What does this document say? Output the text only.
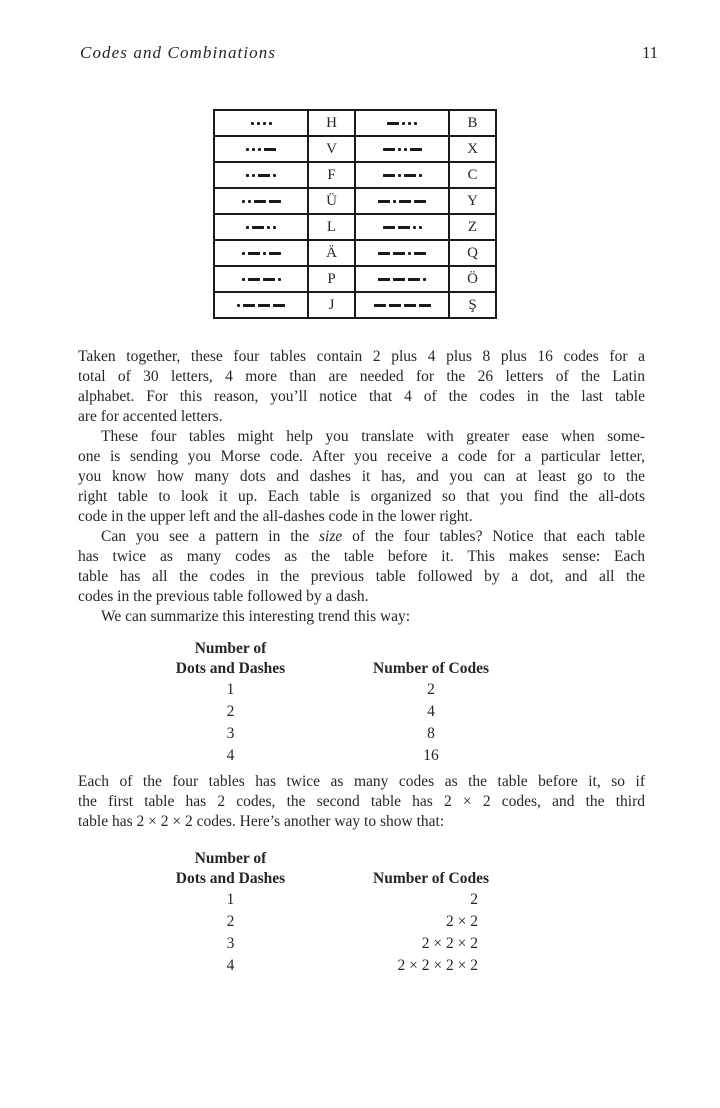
Codes and Combinations	11
	H		B
	V		X
	F		C
	Ü		Y
	L		Z
	Ä		Q
	P		Ö
	J		Ş
Taken together, these four tables contain 2 plus 4 plus 8 plus 16 codes for a
total of 30 letters, 4 more than are needed for the 26 letters of the Latin
alphabet. For this reason, you’ll notice that 4 of the codes in the last table
are for accented letters.
These four tables might help you translate with greater ease when some-
one is sending you Morse code. After you receive a code for a particular letter,
you know how many dots and dashes it has, and you can at least go to the
right table to look it up. Each table is organized so that you find the all-dots
code in the upper left and the all-dashes code in the lower right.
Can you see a pattern in the size of the four tables? Notice that each table
has twice as many codes as the table before it. This makes sense: Each
table has all the codes in the previous table followed by a dot, and all the
codes in the previous table followed by a dash.
We can summarize this interesting trend this way:
Number of
Dots and Dashes	Number of Codes
1	2
2	4
3	8
4	16
Each of the four tables has twice as many codes as the table before it, so if
the first table has 2 codes, the second table has 2 × 2 codes, and the third
table has 2 × 2 × 2 codes. Here’s another way to show that:
Number of
Dots and Dashes	Number of Codes
1	2
2	2 × 2
3	2 × 2 × 2
4	2 × 2 × 2 × 2
